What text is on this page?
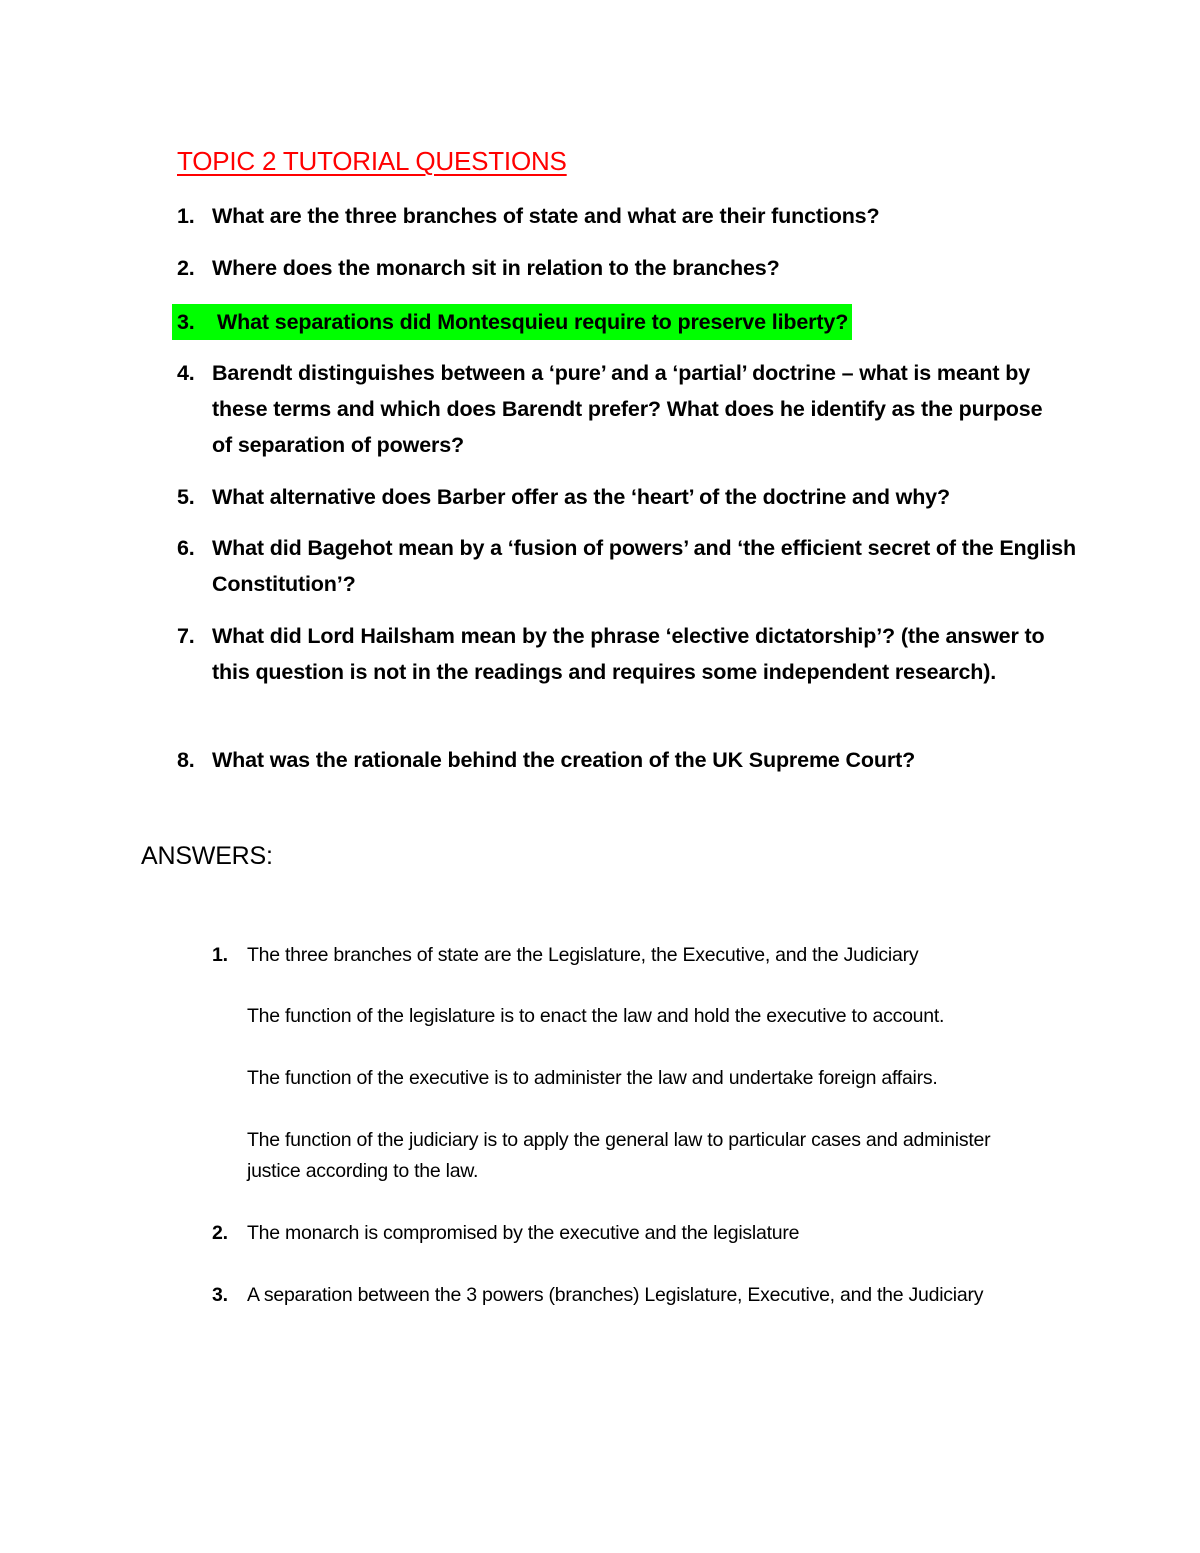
TOPIC 2 TUTORIAL QUESTIONS
1. What are the three branches of state and what are their functions?
2. Where does the monarch sit in relation to the branches?
3. What separations did Montesquieu require to preserve liberty?
4. Barendt distinguishes between a ‘pure’ and a ‘partial’ doctrine – what is meant by these terms and which does Barendt prefer? What does he identify as the purpose of separation of powers?
5. What alternative does Barber offer as the ‘heart’ of the doctrine and why?
6. What did Bagehot mean by a ‘fusion of powers’ and ‘the efficient secret of the English Constitution’?
7. What did Lord Hailsham mean by the phrase ‘elective dictatorship’? (the answer to this question is not in the readings and requires some independent research).
8. What was the rationale behind the creation of the UK Supreme Court?
ANSWERS:
1. The three branches of state are the Legislature, the Executive, and the Judiciary
The function of the legislature is to enact the law and hold the executive to account.
The function of the executive is to administer the law and undertake foreign affairs.
The function of the judiciary is to apply the general law to particular cases and administer justice according to the law.
2. The monarch is compromised by the executive and the legislature
3. A separation between the 3 powers (branches) Legislature, Executive, and the Judiciary
